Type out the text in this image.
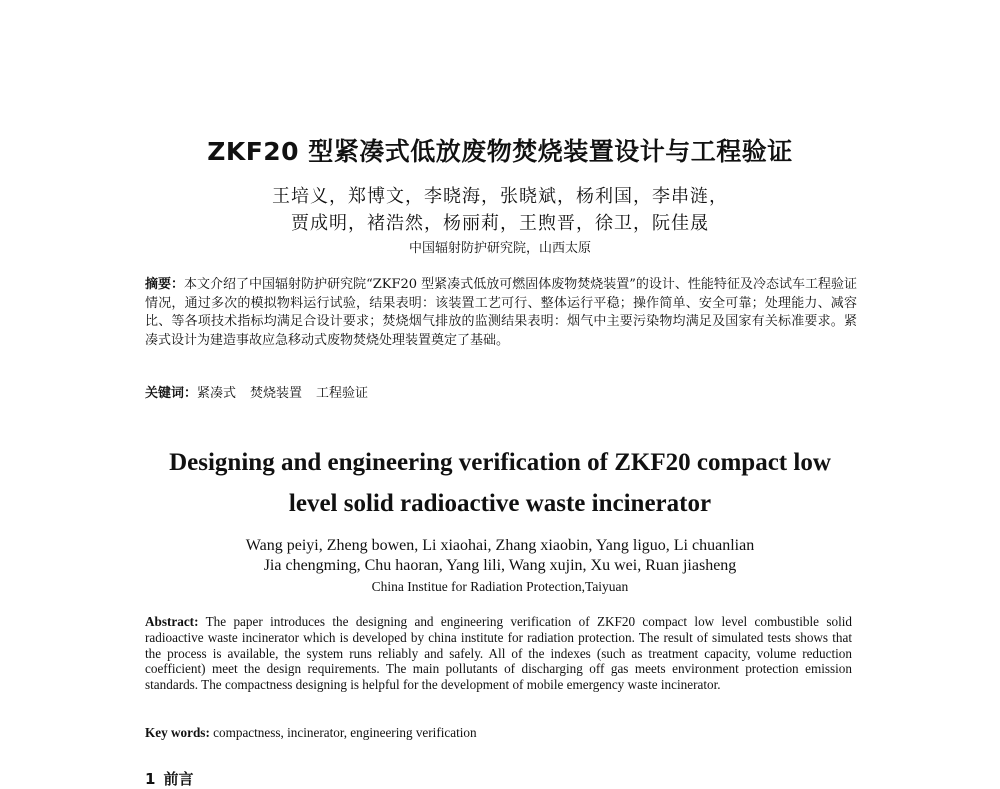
ZKF20 型紧凑式低放废物焚烧装置设计与工程验证

王培义，郑博文，李晓海，张晓斌，杨利国，李串涟，

贾成明，褚浩然，杨丽莉，王煦晋，徐卫，阮佳晟

中国辐射防护研究院，山西太原

摘要：本文介绍了中国辐射防护研究院“ZKF20 型紧凑式低放可燃固体废物焚烧装置”的设计、性能特征及冷态试车工程验证情况，通过多次的模拟物料运行试验，结果表明：该装置工艺可行、整体运行平稳；操作简单、安全可靠；处理能力、减容比、等各项技术指标均满足合设计要求；焚烧烟气排放的监测结果表明：烟气中主要污染物均满足及国家有关标准要求。紧凑式设计为建造事故应急移动式废物焚烧处理装置奠定了基础。

关键词：紧凑式 焚烧装置 工程验证

Designing and engineering verification of ZKF20 compact low
level solid radioactive waste incinerator

Wang peiyi, Zheng bowen, Li xiaohai, Zhang xiaobin, Yang liguo, Li chuanlian

Jia chengming, Chu haoran, Yang lili, Wang xujin, Xu wei, Ruan jiasheng

China Institue for Radiation Protection,Taiyuan

Abstract: The paper introduces the designing and engineering verification of ZKF20 compact low level combustible solid radioactive waste incinerator which is developed by china institute for radiation protection. The result of simulated tests shows that the process is available, the system runs reliably and safely. All of the indexes (such as treatment capacity, volume reduction coefficient) meet the design requirements. The main pollutants of discharging off gas meets environment protection emission standards. The compactness designing is helpful for the development of mobile emergency waste incinerator.

Key words: compactness, incinerator, engineering verification

1 前言
